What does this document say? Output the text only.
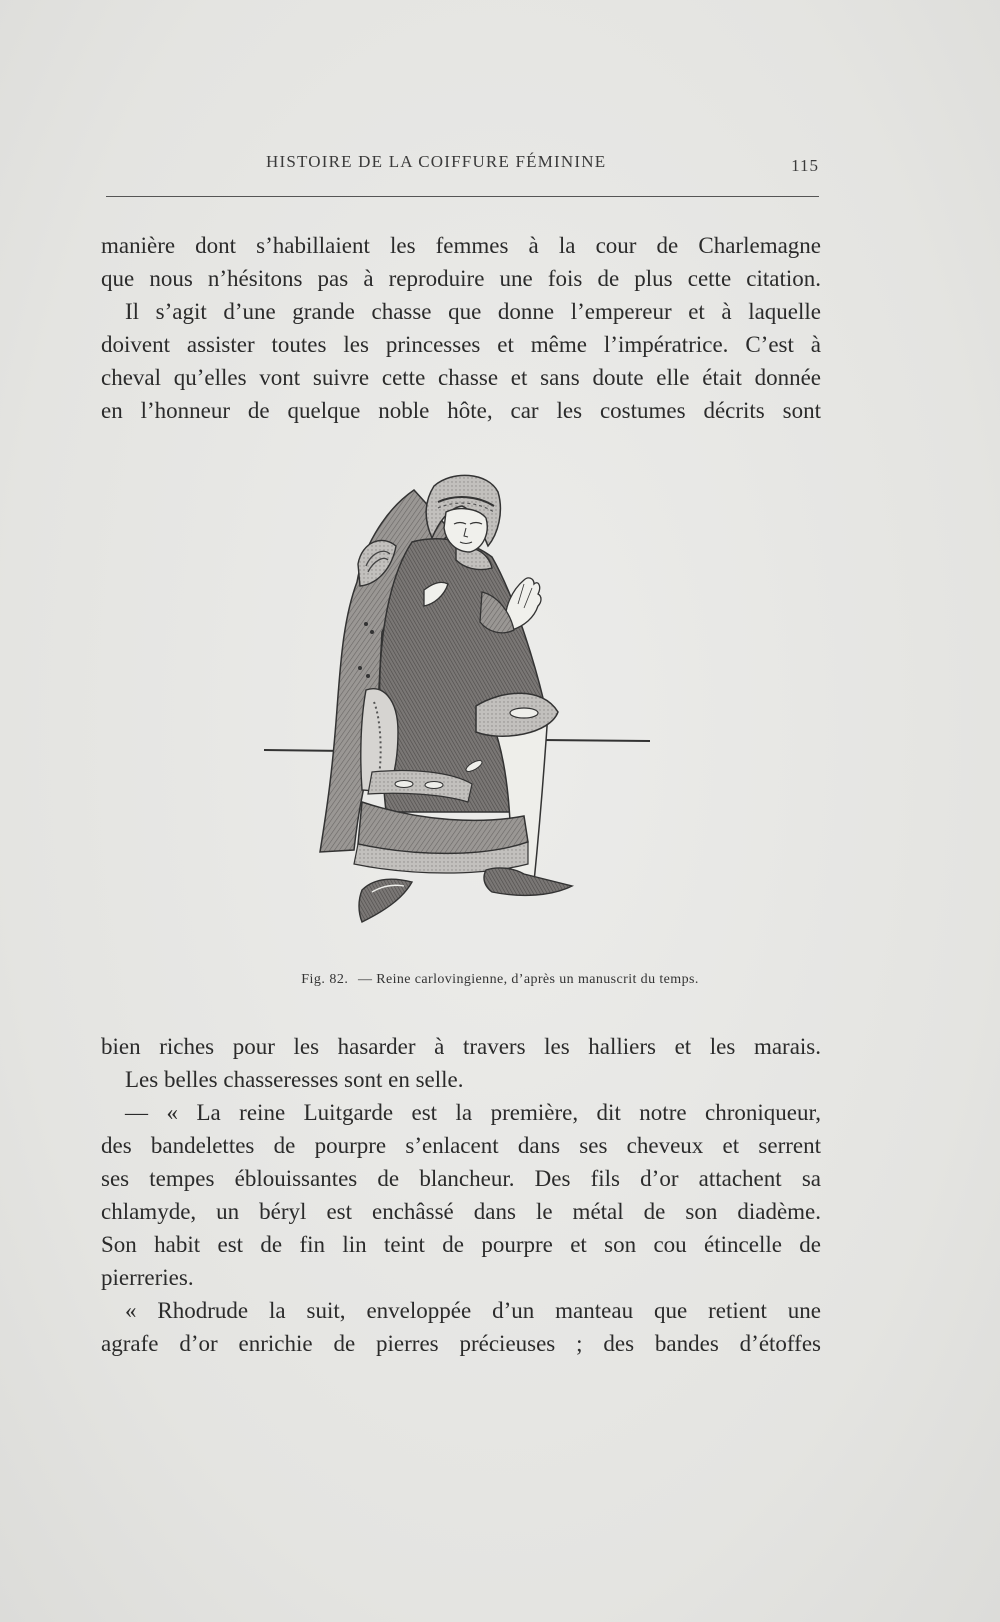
HISTOIRE DE LA COIFFURE FÉMININE	115

manière dont s’habillaient les femmes à la cour de Charlemagne

que nous n’hésitons pas à reproduire une fois de plus cette citation.

Il s’agit d’une grande chasse que donne l’empereur et à laquelle

doivent assister toutes les princesses et même l’impératrice. C’est à

cheval qu’elles vont suivre cette chasse et sans doute elle était donnée

en l’honneur de quelque noble hôte, car les costumes décrits sont

Fig. 82. — Reine carlovingienne, d’après un manuscrit du temps.

bien riches pour les hasarder à travers les halliers et les marais.

Les belles chasseresses sont en selle.

— « La reine Luitgarde est la première, dit notre chroniqueur,

des bandelettes de pourpre s’enlacent dans ses cheveux et serrent

ses tempes éblouissantes de blancheur. Des fils d’or attachent sa

chlamyde, un béryl est enchâssé dans le métal de son diadème.

Son habit est de fin lin teint de pourpre et son cou étincelle de

pierreries.

« Rhodrude la suit, enveloppée d’un manteau que retient une

agrafe d’or enrichie de pierres précieuses ; des bandes d’étoffes
